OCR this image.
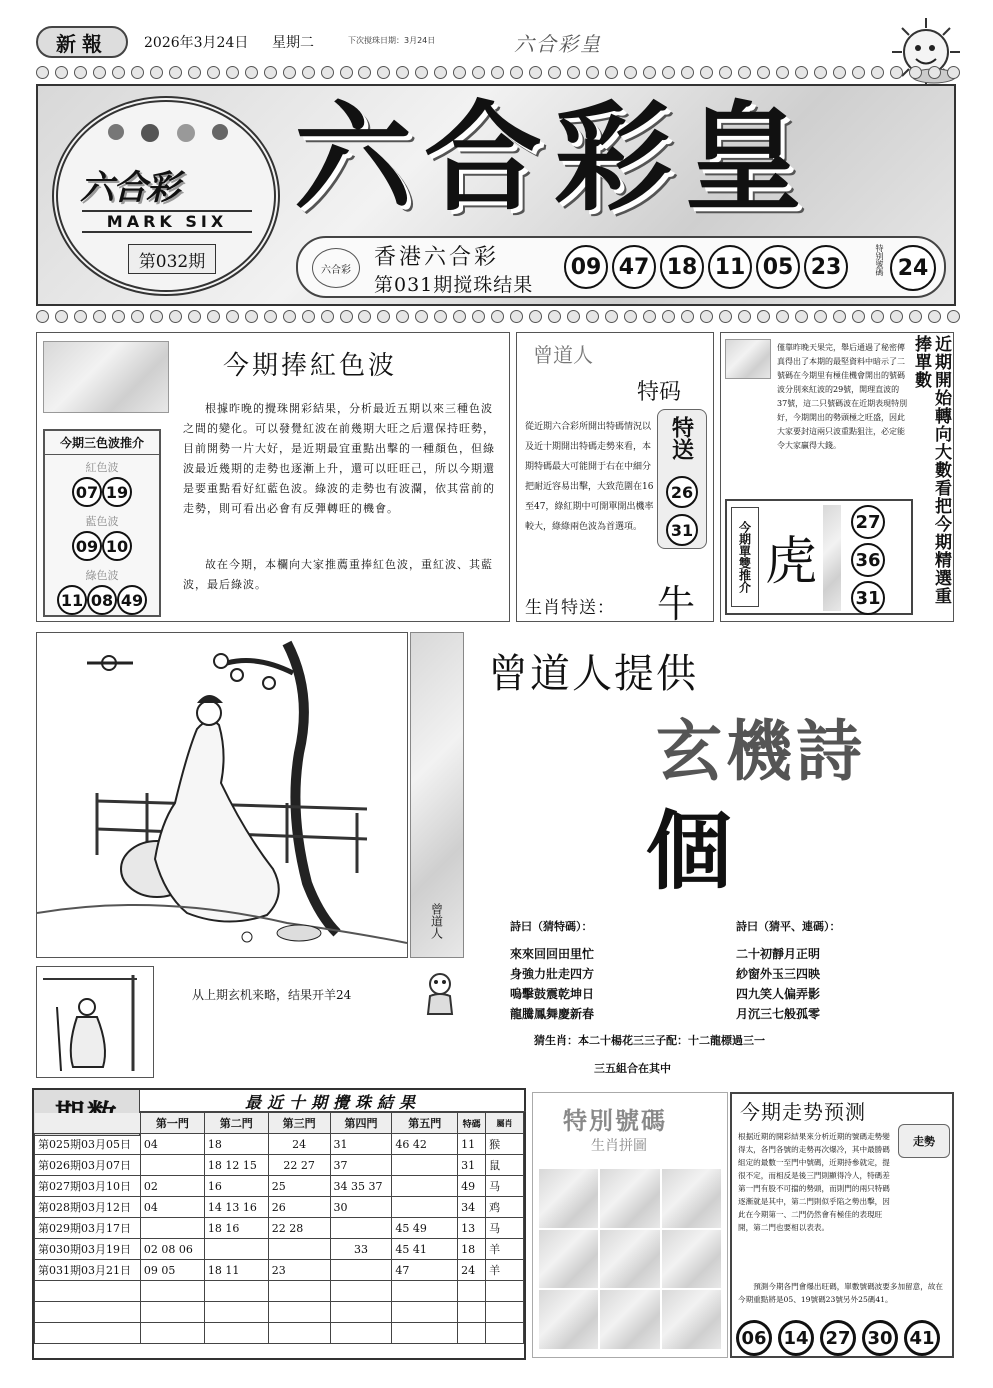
新報	2026年3月24日 星期二	下次搅珠日期：3月24日	六合彩皇
六合彩
MARK SIX
第032期
六合彩皇
六合彩	香港六合彩
第031期搅珠结果
09 47 18 11 05 23	特别號碼 24
今期捧紅色波
今期三色波推介
紅色波
07 19
藍色波
09 10
綠色波
11 08 49
根據昨晚的攪珠開彩結果，分析最近五期以來三種色波之間的變化。可以發覺紅波在前幾期大旺之后還保持旺勢，目前開勢一片大好，是近期最宜重點出擊的一種顏色，但綠波最近幾期的走勢也逐漸上升，還可以旺旺己，所以今期還是要重點看好紅藍色波。綠波的走勢也有波瀾，依其當前的走勢，則可看出必會有反彈轉旺的機會。
故在今期，本欄向大家推薦重捧紅色波，重紅波、其藍波，最后綠波。
曾道人
特码
特送
26
31
從近期六合彩所開出特碼情況以及近十期開出特碼走勢來看，本期特碼最大可能開于右在中細分把耐近容易出擊，大致范圍在16至47，綠紅期中可開單開出機率較大，綠綠兩色波為首選項。
生肖特送： 牛
僅靠昨晚天果完，舉后通過了秘密傳真得出了本期的最堅資料中暗示了二號碼在今期里有極佳機會開出的號碼波分別來紅波的29號，開理直波的37號，這二只號碼波在近期表現特別好，今期開出的勢頭極之旺盛，因此大家要封這兩只波重點狙注，必定能令大家贏得大錢。	近期開始轉向大數看把今期精選重捧單數
今期單雙推介 虎
27
36
31
曾道人
曾道人提供
玄機詩
個
詩曰（猜特碼）：	詩曰（猜平、連碼）：
來來回回田里忙
身強力壯走四方
嗚擊鼓震乾坤日
龍騰鳳舞慶新春
二十初靜月正明
紗窗外玉三四映
四九笑人偏弄影
月沉三七般孤零
猜生肖：本二十楊花三三子配：十二龍標過三一
三五組合在其中
从上期玄机来略，结果开羊24
最近十期攪珠結果
	第一門	第二門	第三門	第四門	第五門	特碼	屬肖
第025期03月05日	04	18	24	31	46 42	11	猴
第026期03月07日		18 12 15	22 27	37		31	鼠
第027期03月10日	02	16	25	34 35 37		49	马
第028期03月12日	04	14 13 16	26	30		34	鸡
第029期03月17日		18 16	22 28		45 49	13	马
第030期03月19日	02 08 06			33	45 41	18	羊
第031期03月21日	09 05	18 11	23		47	24	羊

特別號碼
生肖拼圖
今期走势预测
走勢
根据近期的開彩結果來分析近期的號碼走勢變得太，各門各號的走勢再次爆冷，其中最勝碼組定的最數一至門中號碼，近期持參就定，提很不定，而相反是後三門則顯得冷人，特碼差第一門有股不可擋的勢頭，而則門的兩只特碼逐漸就是其中，第二門則似乎陷之勢出擊，因此在今期第一、二門仍然會有極佳的表現旺開，第二門也要相以表表。
預測今期各門會爆出旺碼，單數號碼波要多加留意，故在今期重點將是05、19號碼23號另外25碼41。
06 14 27 30 41
